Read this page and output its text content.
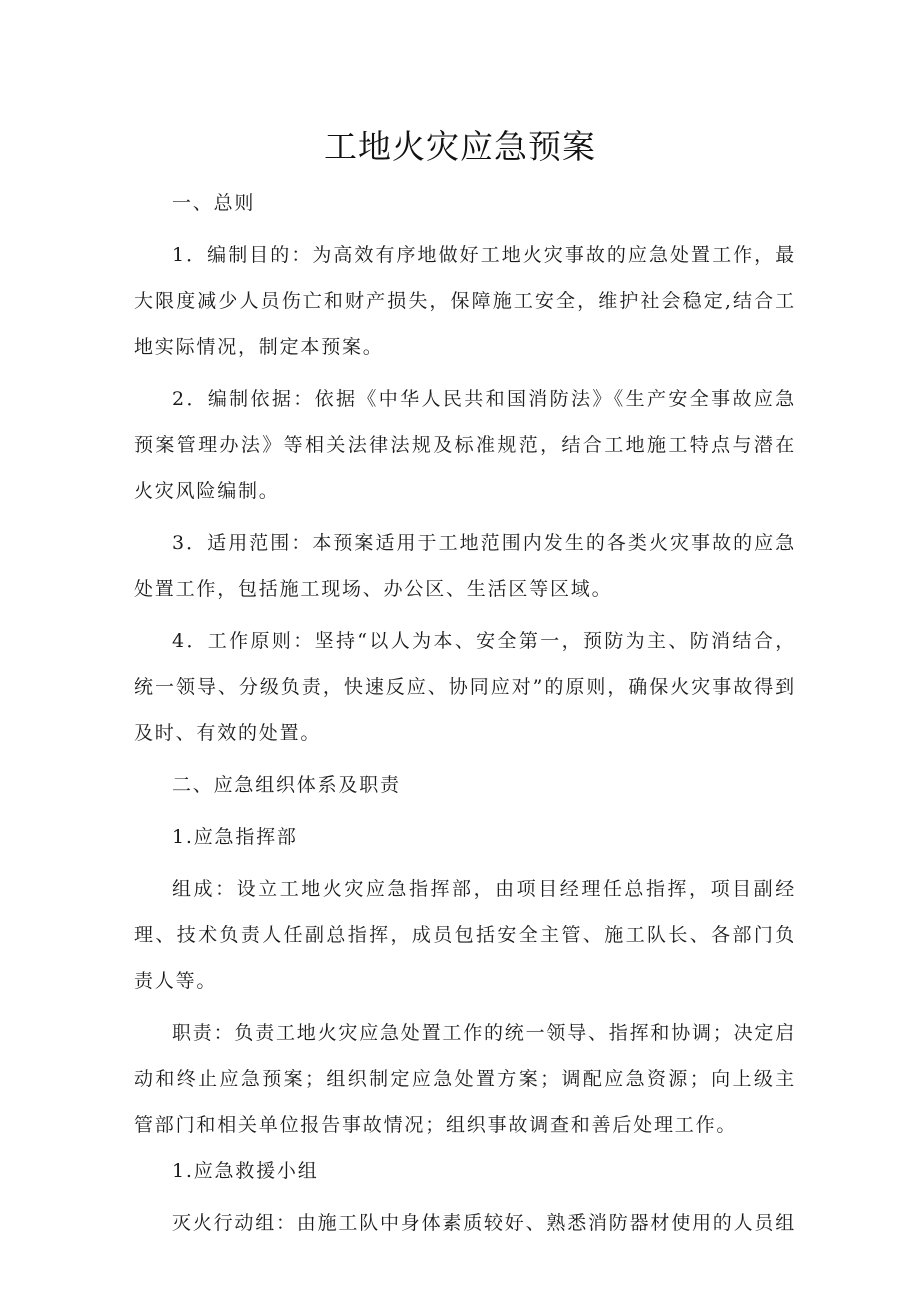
工地火灾应急预案

一、总则

1．编制目的：为高效有序地做好工地火灾事故的应急处置工作，最大限度减少人员伤亡和财产损失，保障施工安全，维护社会稳定,结合工地实际情况，制定本预案。

2．编制依据：依据《中华人民共和国消防法》《生产安全事故应急预案管理办法》等相关法律法规及标准规范，结合工地施工特点与潜在火灾风险编制。

3．适用范围：本预案适用于工地范围内发生的各类火灾事故的应急处置工作，包括施工现场、办公区、生活区等区域。

4．工作原则：坚持“以人为本、安全第一，预防为主、防消结合，统一领导、分级负责，快速反应、协同应对”的原则，确保火灾事故得到及时、有效的处置。

二、应急组织体系及职责

1.应急指挥部

组成：设立工地火灾应急指挥部，由项目经理任总指挥，项目副经理、技术负责人任副总指挥，成员包括安全主管、施工队长、各部门负责人等。

职责：负责工地火灾应急处置工作的统一领导、指挥和协调；决定启动和终止应急预案；组织制定应急处置方案；调配应急资源；向上级主管部门和相关单位报告事故情况；组织事故调查和善后处理工作。

1.应急救援小组

灭火行动组：由施工队中身体素质较好、熟悉消防器材使用的人员组
